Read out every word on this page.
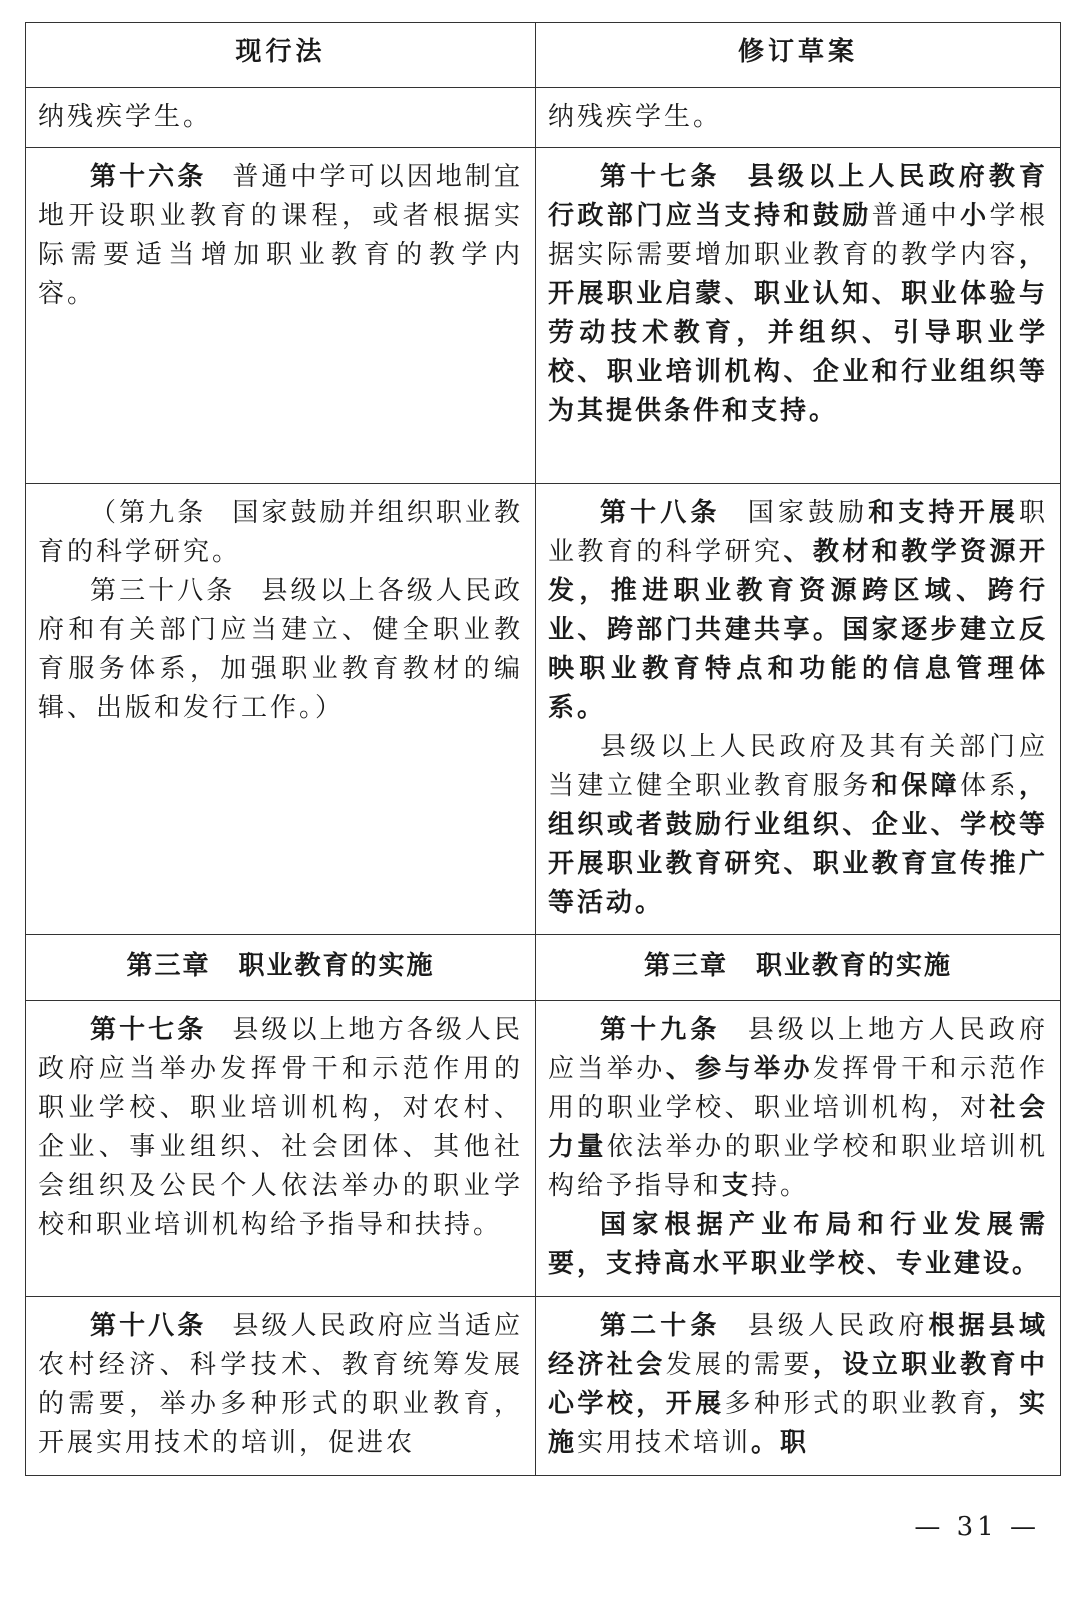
现行法	修订草案

纳残疾学生。	纳残疾学生。

第十六条 普通中学可以因地制宜地开设职业教育的课程，或者根据实际需要适当增加职业教育的教学内容。	第十七条 县级以上人民政府教育行政部门应当支持和鼓励普通中小学根据实际需要增加职业教育的教学内容，开展职业启蒙、职业认知、职业体验与劳动技术教育，并组织、引导职业学校、职业培训机构、企业和行业组织等为其提供条件和支持。

（第九条 国家鼓励并组织职业教育的科学研究。
第三十八条 县级以上各级人民政府和有关部门应当建立、健全职业教育服务体系，加强职业教育教材的编辑、出版和发行工作。）	第十八条 国家鼓励和支持开展职业教育的科学研究、教材和教学资源开发，推进职业教育资源跨区域、跨行业、跨部门共建共享。国家逐步建立反映职业教育特点和功能的信息管理体系。
县级以上人民政府及其有关部门应当建立健全职业教育服务和保障体系，组织或者鼓励行业组织、企业、学校等开展职业教育研究、职业教育宣传推广等活动。

第三章　职业教育的实施	第三章　职业教育的实施

第十七条 县级以上地方各级人民政府应当举办发挥骨干和示范作用的职业学校、职业培训机构，对农村、企业、事业组织、社会团体、其他社会组织及公民个人依法举办的职业学校和职业培训机构给予指导和扶持。	第十九条 县级以上地方人民政府应当举办、参与举办发挥骨干和示范作用的职业学校、职业培训机构，对社会力量依法举办的职业学校和职业培训机构给予指导和支持。
国家根据产业布局和行业发展需要，支持高水平职业学校、专业建设。

第十八条 县级人民政府应当适应农村经济、科学技术、教育统筹发展的需要，举办多种形式的职业教育，开展实用技术的培训，促进农	第二十条 县级人民政府根据县域经济社会发展的需要，设立职业教育中心学校，开展多种形式的职业教育，实施实用技术培训。职
— 31 —
